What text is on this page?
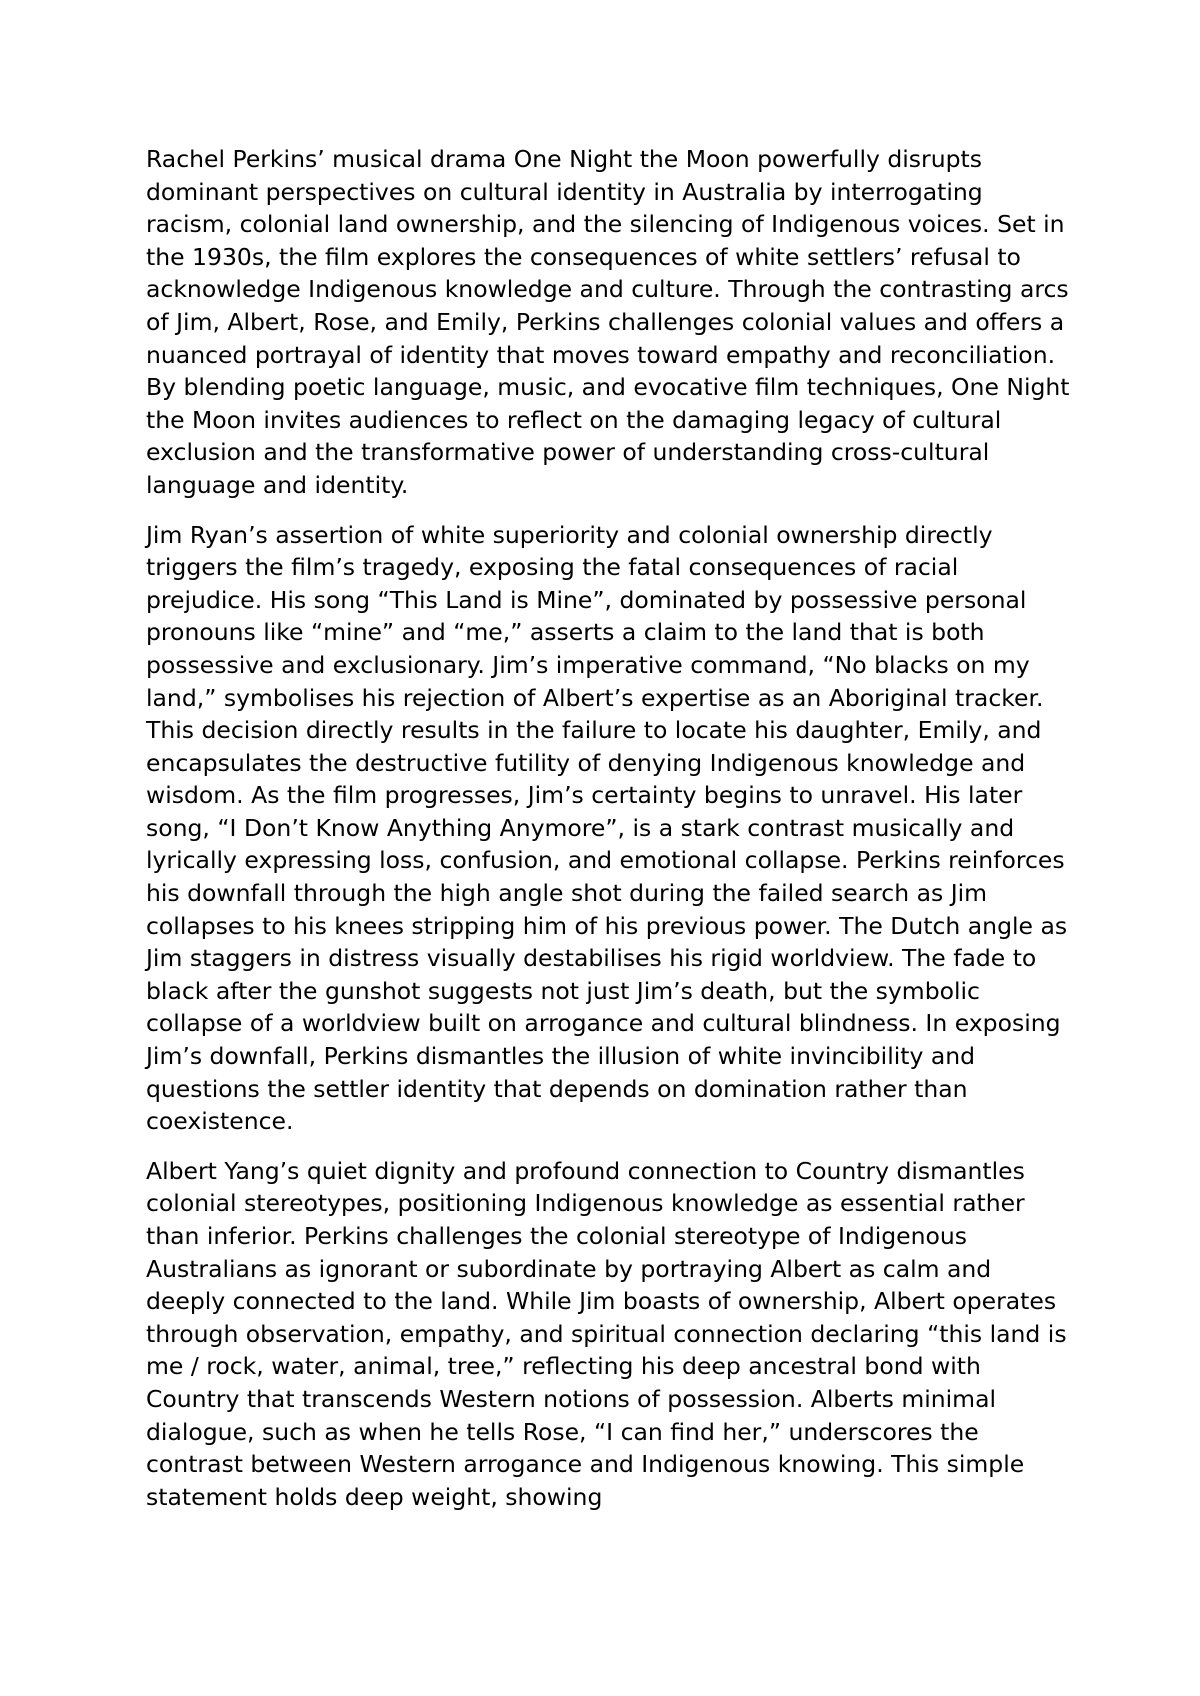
Rachel Perkins’ musical drama One Night the Moon powerfully disrupts dominant perspectives on cultural identity in Australia by interrogating racism, colonial land ownership, and the silencing of Indigenous voices. Set in the 1930s, the film explores the consequences of white settlers’ refusal to acknowledge Indigenous knowledge and culture. Through the contrasting arcs of Jim, Albert, Rose, and Emily, Perkins challenges colonial values and offers a nuanced portrayal of identity that moves toward empathy and reconciliation. By blending poetic language, music, and evocative film techniques, One Night the Moon invites audiences to reflect on the damaging legacy of cultural exclusion and the transformative power of understanding cross-cultural language and identity.

Jim Ryan’s assertion of white superiority and colonial ownership directly triggers the film’s tragedy, exposing the fatal consequences of racial prejudice. His song “This Land is Mine”, dominated by possessive personal pronouns like “mine” and “me,” asserts a claim to the land that is both possessive and exclusionary. Jim’s imperative command, “No blacks on my land,” symbolises his rejection of Albert’s expertise as an Aboriginal tracker. This decision directly results in the failure to locate his daughter, Emily, and encapsulates the destructive futility of denying Indigenous knowledge and wisdom. As the film progresses, Jim’s certainty begins to unravel. His later song, “I Don’t Know Anything Anymore”, is a stark contrast musically and lyrically expressing loss, confusion, and emotional collapse. Perkins reinforces his downfall through the high angle shot during the failed search as Jim collapses to his knees stripping him of his previous power. The Dutch angle as Jim staggers in distress visually destabilises his rigid worldview. The fade to black after the gunshot suggests not just Jim’s death, but the symbolic collapse of a worldview built on arrogance and cultural blindness. In exposing Jim’s downfall, Perkins dismantles the illusion of white invincibility and questions the settler identity that depends on domination rather than coexistence.

Albert Yang’s quiet dignity and profound connection to Country dismantles colonial stereotypes, positioning Indigenous knowledge as essential rather than inferior. Perkins challenges the colonial stereotype of Indigenous Australians as ignorant or subordinate by portraying Albert as calm and deeply connected to the land. While Jim boasts of ownership, Albert operates through observation, empathy, and spiritual connection declaring “this land is me / rock, water, animal, tree,” reflecting his deep ancestral bond with Country that transcends Western notions of possession. Alberts minimal dialogue, such as when he tells Rose, “I can find her,” underscores the contrast between Western arrogance and Indigenous knowing. This simple statement holds deep weight, showing
